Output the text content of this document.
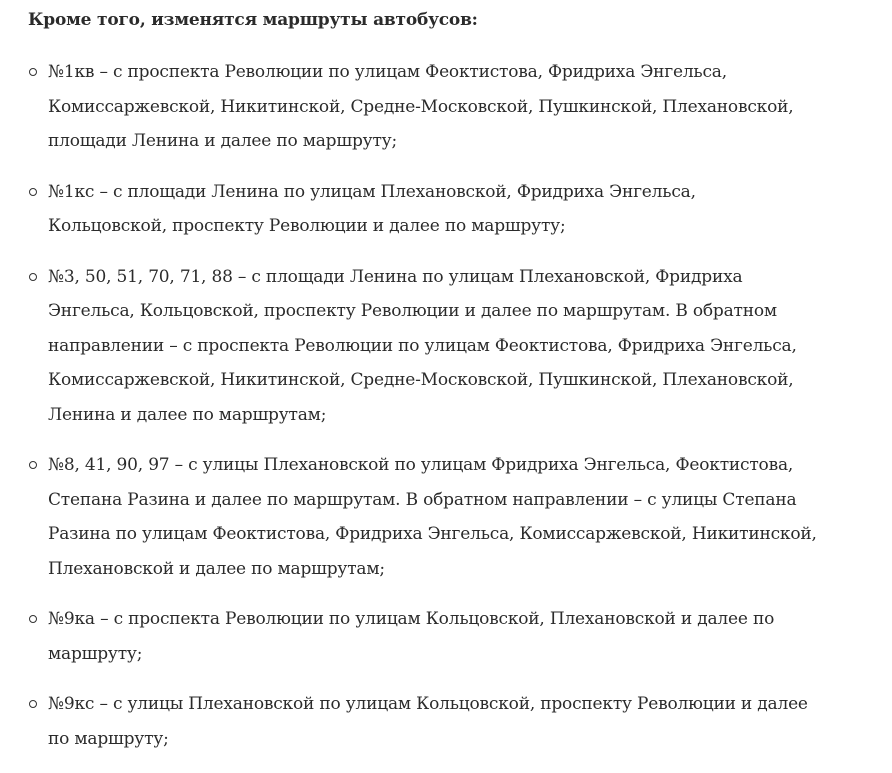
Кроме того, изменятся маршруты автобусов:

№1кв – с проспекта Революции по улицам Феоктистова, Фридриха Энгельса, Комиссаржевской, Никитинской, Средне-Московской, Пушкинской, Плехановской, площади Ленина и далее по маршруту;
№1кс – с площади Ленина по улицам Плехановской, Фридриха Энгельса, Кольцовской, проспекту Революции и далее по маршруту;
№3, 50, 51, 70, 71, 88 – с площади Ленина по улицам Плехановской, Фридриха Энгельса, Кольцовской, проспекту Революции и далее по маршрутам. В обратном направлении – с проспекта Революции по улицам Феоктистова, Фридриха Энгельса, Комиссаржевской, Никитинской, Средне-Московской, Пушкинской, Плехановской, Ленина и далее по маршрутам;
№8, 41, 90, 97 – с улицы Плехановской по улицам Фридриха Энгельса, Феоктистова, Степана Разина и далее по маршрутам. В обратном направлении – с улицы Степана Разина по улицам Феоктистова, Фридриха Энгельса, Комиссаржевской, Никитинской, Плехановской и далее по маршрутам;
№9ка – с проспекта Революции по улицам Кольцовской, Плехановской и далее по маршруту;
№9кс – с улицы Плехановской по улицам Кольцовской, проспекту Революции и далее по маршруту;
